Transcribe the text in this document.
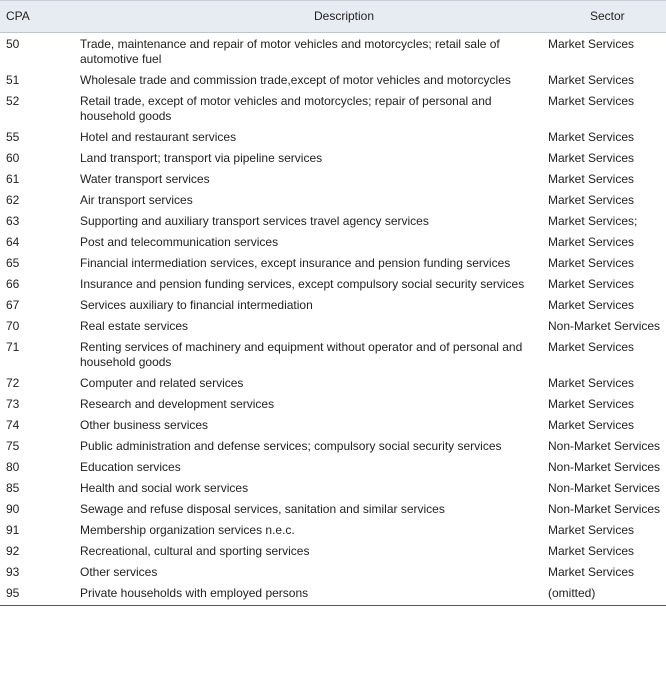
CPA	Description	Sector
50	Trade, maintenance and repair of motor vehicles and motorcycles; retail sale of automotive fuel	Market Services
51	Wholesale trade and commission trade,except of motor vehicles and motorcycles	Market Services
52	Retail trade, except of motor vehicles and motorcycles; repair of personal and household goods	Market Services
55	Hotel and restaurant services	Market Services
60	Land transport; transport via pipeline services	Market Services
61	Water transport services	Market Services
62	Air transport services	Market Services
63	Supporting and auxiliary transport services travel agency services	Market Services;
64	Post and telecommunication services	Market Services
65	Financial intermediation services, except insurance and pension funding services	Market Services
66	Insurance and pension funding services, except compulsory social security services	Market Services
67	Services auxiliary to financial intermediation	Market Services
70	Real estate services	Non-Market Services
71	Renting services of machinery and equipment without operator and of personal and household goods	Market Services
72	Computer and related services	Market Services
73	Research and development services	Market Services
74	Other business services	Market Services
75	Public administration and defense services; compulsory social security services	Non-Market Services
80	Education services	Non-Market Services
85	Health and social work services	Non-Market Services
90	Sewage and refuse disposal services, sanitation and similar services	Non-Market Services
91	Membership organization services n.e.c.	Market Services
92	Recreational, cultural and sporting services	Market Services
93	Other services	Market Services
95	Private households with employed persons	(omitted)
